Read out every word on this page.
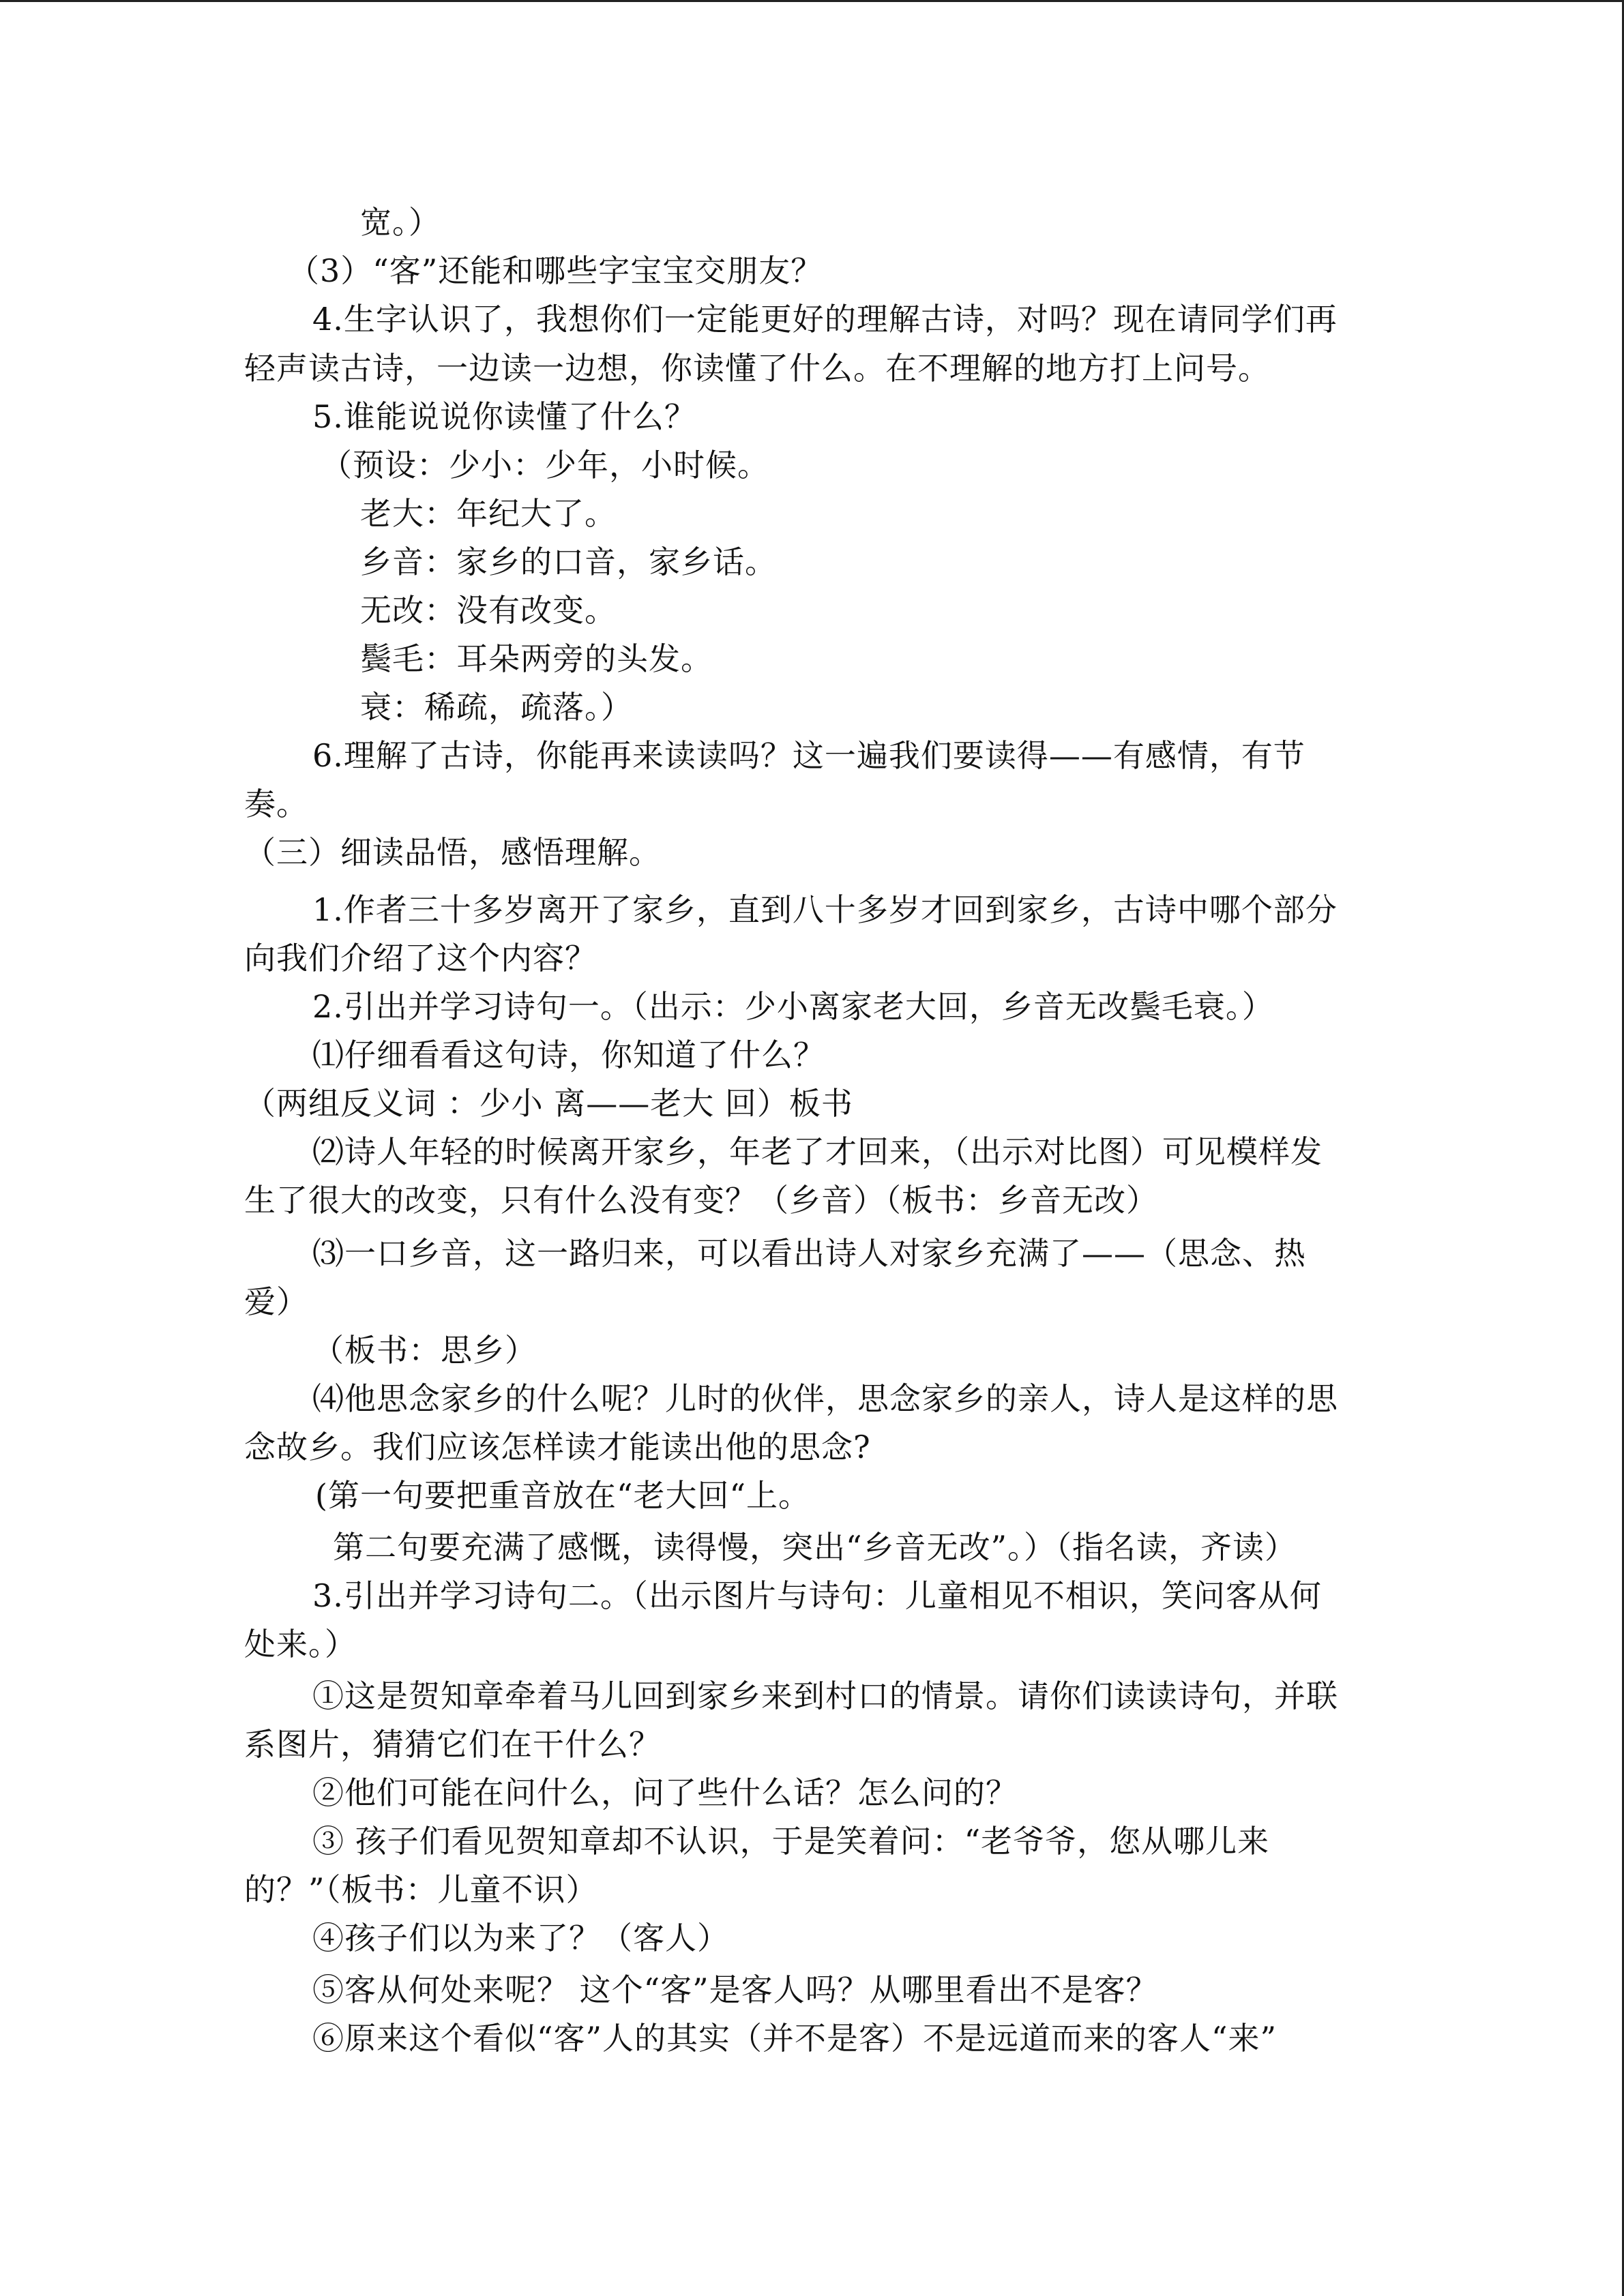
宽。）
（3）“客”还能和哪些字宝宝交朋友？
4.生字认识了，我想你们一定能更好的理解古诗，对吗？现在请同学们再
轻声读古诗，一边读一边想，你读懂了什么。在不理解的地方打上问号。
5.谁能说说你读懂了什么？
（预设：少小：少年，小时候。
老大：年纪大了。
乡音：家乡的口音，家乡话。
无改：没有改变。
鬓毛：耳朵两旁的头发。
衰：稀疏，疏落。）
6.理解了古诗，你能再来读读吗？这一遍我们要读得——有感情，有节
奏。
（三）细读品悟，感悟理解。
1.作者三十多岁离开了家乡，直到八十多岁才回到家乡，古诗中哪个部分
向我们介绍了这个内容？
2.引出并学习诗句一。（出示：少小离家老大回，乡音无改鬓毛衰。）
⑴仔细看看这句诗，你知道了什么？
（两组反义词 ：少小 离——老大 回）板书
⑵诗人年轻的时候离开家乡，年老了才回来，（出示对比图）可见模样发
生了很大的改变，只有什么没有变？（乡音）（板书：乡音无改）
⑶一口乡音，这一路归来，可以看出诗人对家乡充满了——（思念、热
爱）
（板书：思乡）
⑷他思念家乡的什么呢？儿时的伙伴，思念家乡的亲人，诗人是这样的思
念故乡。我们应该怎样读才能读出他的思念?
(第一句要把重音放在“老大回“上。
第二句要充满了感慨，读得慢，突出“乡音无改”。）（指名读，齐读）
3.引出并学习诗句二。（出示图片与诗句：儿童相见不相识，笑问客从何
处来。）
①这是贺知章牵着马儿回到家乡来到村口的情景。请你们读读诗句，并联
系图片，猜猜它们在干什么？
②他们可能在问什么，问了些什么话？怎么问的？
③ 孩子们看见贺知章却不认识，于是笑着问：“老爷爷，您从哪儿来
的？”（板书：儿童不识）
④孩子们以为来了？（客人）
⑤客从何处来呢？ 这个“客”是客人吗？从哪里看出不是客？
⑥原来这个看似“客”人的其实（并不是客）不是远道而来的客人“来”
